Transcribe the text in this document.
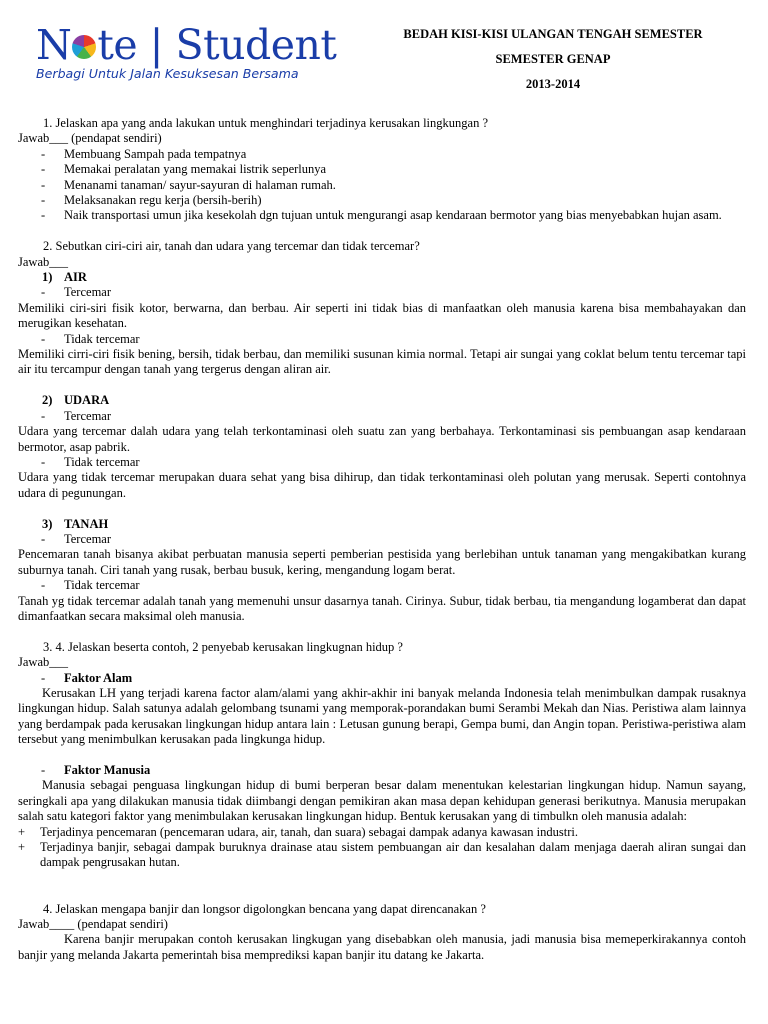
N te | Student
Berbagi Untuk Jalan Kesuksesan Bersama
BEDAH KISI-KISI ULANGAN TENGAH SEMESTER
SEMESTER GENAP
2013-2014

1. Jelaskan apa yang anda lakukan untuk menghindari terjadinya kerusakan lingkungan ?

Jawab___ (pendapat sendiri)

- Membuang Sampah pada tempatnya
- Memakai peralatan yang memakai listrik seperlunya
- Menanami tanaman/ sayur-sayuran di halaman rumah.
- Melaksanakan regu kerja (bersih-berih)
- Naik transportasi umun jika kesekolah dgn tujuan untuk mengurangi asap kendaraan bermotor yang bias menyebabkan hujan asam.

2. Sebutkan ciri-ciri air, tanah dan udara yang tercemar dan tidak tercemar?

Jawab___

1) AIR
- Tercemar

Memiliki ciri-siri fisik kotor, berwarna, dan berbau. Air seperti ini tidak bias di manfaatkan oleh manusia karena bisa membahayakan dan merugikan kesehatan.

- Tidak tercemar

Memiliki cirri-ciri fisik bening, bersih, tidak berbau, dan memiliki susunan kimia normal. Tetapi air sungai yang coklat belum tentu tercemar tapi air itu tercampur dengan tanah yang tergerus dengan aliran air.

2) UDARA
- Tercemar

Udara yang tercemar dalah udara yang telah terkontaminasi oleh suatu zan yang berbahaya. Terkontaminasi sis pembuangan asap kendaraan bermotor, asap pabrik.

- Tidak tercemar

Udara yang tidak tercemar merupakan duara sehat yang bisa dihirup, dan tidak terkontaminasi oleh polutan yang merusak. Seperti contohnya udara di pegunungan.

3) TANAH
- Tercemar

Pencemaran tanah bisanya akibat perbuatan manusia seperti pemberian pestisida yang berlebihan untuk tanaman yang mengakibatkan kurang suburnya tanah. Ciri tanah yang rusak, berbau busuk, kering, mengandung logam berat.

- Tidak tercemar

Tanah yg tidak tercemar adalah tanah yang memenuhi unsur dasarnya tanah. Cirinya. Subur, tidak berbau, tia mengandung logamberat dan dapat dimanfaatkan secara maksimal oleh manusia.

3. 4. Jelaskan beserta contoh, 2 penyebab kerusakan lingkugnan hidup ?

Jawab___

- Faktor Alam

Kerusakan LH yang terjadi karena factor alam/alami yang akhir-akhir ini banyak melanda Indonesia telah menimbulkan dampak rusaknya lingkungan hidup. Salah satunya adalah gelombang tsunami yang memporak-porandakan bumi Serambi Mekah dan Nias. Peristiwa alam lainnya yang berdampak pada kerusakan lingkungan hidup antara lain : Letusan gunung berapi, Gempa bumi, dan Angin topan. Peristiwa-peristiwa alam tersebut yang menimbulkan kerusakan pada lingkunga hidup.

- Faktor Manusia

Manusia sebagai penguasa lingkungan hidup di bumi berperan besar dalam menentukan kelestarian lingkungan hidup. Namun sayang, seringkali apa yang dilakukan manusia tidak diimbangi dengan pemikiran akan masa depan kehidupan generasi berikutnya. Manusia merupakan salah satu kategori faktor yang menimbulakan kerusakan lingkungan hidup. Bentuk kerusakan yang di timbulkn oleh manusia adalah:

+ Terjadinya pencemaran (pencemaran udara, air, tanah, dan suara) sebagai dampak adanya kawasan industri.
+ Terjadinya banjir, sebagai dampak buruknya drainase atau sistem pembuangan air dan kesalahan dalam menjaga daerah aliran sungai dan dampak pengrusakan hutan.

4. Jelaskan mengapa banjir dan longsor digolongkan bencana yang dapat direncanakan ?

Jawab____ (pendapat sendiri)

Karena banjir merupakan contoh kerusakan lingkugan yang disebabkan oleh manusia, jadi manusia bisa memeperkirakannya contoh banjir yang melanda Jakarta pemerintah bisa memprediksi kapan banjir itu datang ke Jakarta.
